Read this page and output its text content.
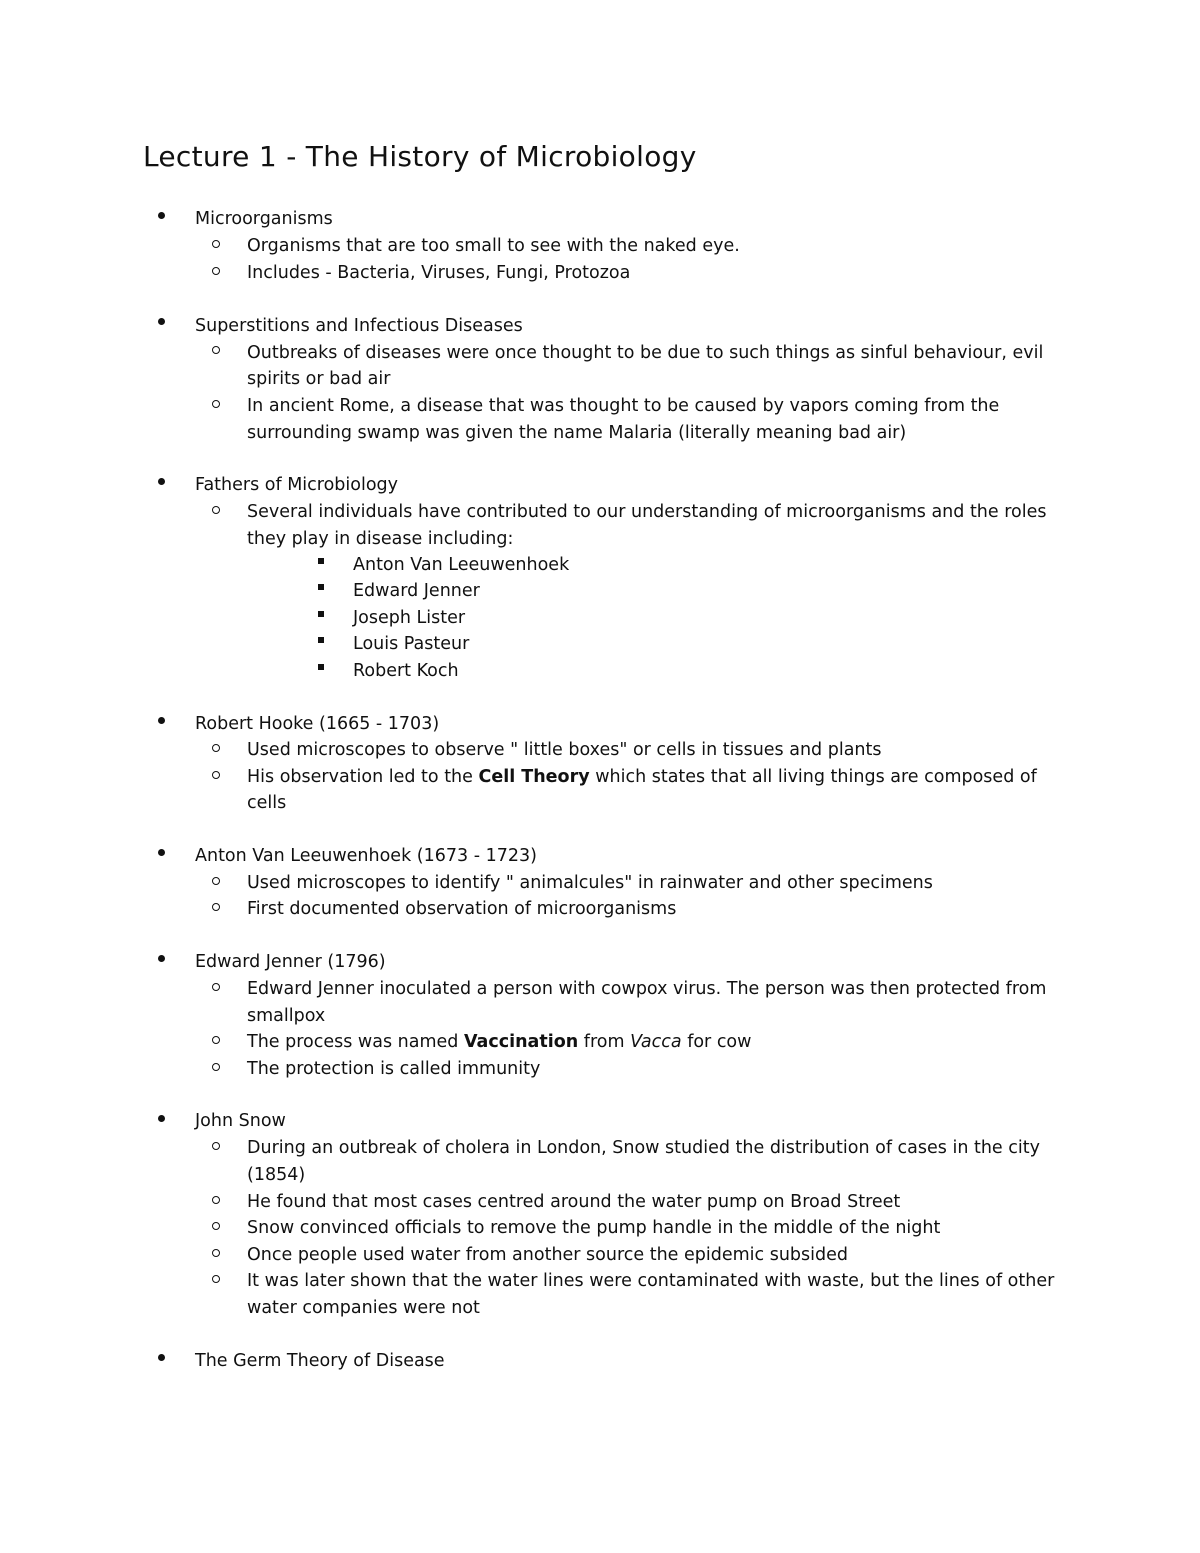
Lecture 1 - The History of Microbiology
Microorganisms
Organisms that are too small to see with the naked eye.
Includes - Bacteria, Viruses, Fungi, Protozoa
Superstitions and Infectious Diseases
Outbreaks of diseases were once thought to be due to such things as sinful behaviour, evil
spirits or bad air
In ancient Rome, a disease that was thought to be caused by vapors coming from the
surrounding swamp was given the name Malaria (literally meaning bad air)
Fathers of Microbiology
Several individuals have contributed to our understanding of microorganisms and the roles
they play in disease including:
Anton Van Leeuwenhoek
Edward Jenner
Joseph Lister
Louis Pasteur
Robert Koch
Robert Hooke (1665 - 1703)
Used microscopes to observe " little boxes" or cells in tissues and plants
His observation led to the Cell Theory which states that all living things are composed of
cells
Anton Van Leeuwenhoek (1673 - 1723)
Used microscopes to identify " animalcules" in rainwater and other specimens
First documented observation of microorganisms
Edward Jenner (1796)
Edward Jenner inoculated a person with cowpox virus. The person was then protected from
smallpox
The process was named Vaccination from Vacca for cow
The protection is called immunity
John Snow
During an outbreak of cholera in London, Snow studied the distribution of cases in the city
(1854)
He found that most cases centred around the water pump on Broad Street
Snow convinced officials to remove the pump handle in the middle of the night
Once people used water from another source the epidemic subsided
It was later shown that the water lines were contaminated with waste, but the lines of other
water companies were not
The Germ Theory of Disease
